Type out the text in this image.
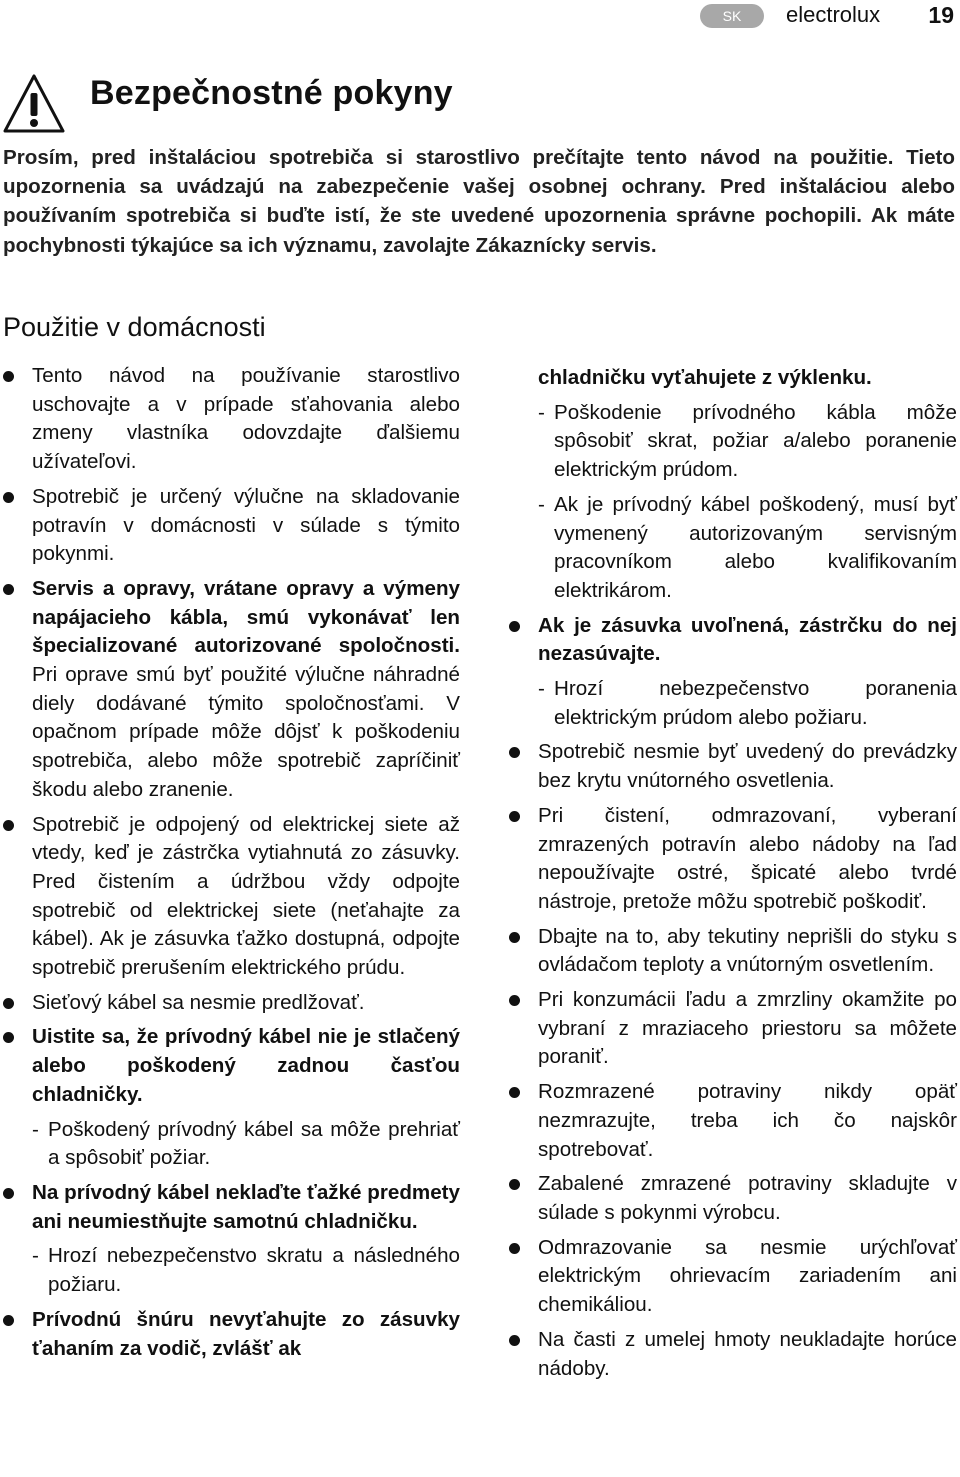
SK	electrolux 19
Bezpečnostné pokyny

Prosím, pred inštaláciou spotrebiča si starostlivo prečítajte tento návod na použitie. Tieto upozornenia sa uvádzajú na zabezpečenie vašej osobnej ochrany. Pred inštaláciou alebo používaním spotrebiča si buďte istí, že ste uvedené upozornenia správne pochopili. Ak máte pochybnosti týkajúce sa ich významu, zavolajte Zákaznícky servis.

Použitie v domácnosti
Tento návod na používanie starostlivo uschovajte a v prípade sťahovania alebo zmeny vlastníka odovzdajte ďalšiemu užívateľovi.
Spotrebič je určený výlučne na skladovanie potravín v domácnosti v súlade s týmito pokynmi.
Servis a opravy, vrátane opravy a výmeny napájacieho kábla, smú vykonávať len špecializované autorizované spoločnosti. Pri oprave smú byť použité výlučne náhradné diely dodávané týmito spoločnosťami. V opačnom prípade môže dôjsť k poškodeniu spotrebiča, alebo môže spotrebič zapríčiniť škodu alebo zranenie.
Spotrebič je odpojený od elektrickej siete až vtedy, keď je zástrčka vytiahnutá zo zásuvky. Pred čistením a údržbou vždy odpojte spotrebič od elektrickej siete (neťahajte za kábel). Ak je zásuvka ťažko dostupná, odpojte spotrebič prerušením elektrického prúdu.
Sieťový kábel sa nesmie predlžovať.
Uistite sa, že prívodný kábel nie je stlačený alebo poškodený zadnou časťou chladničky.
- Poškodený prívodný kábel sa môže prehriať a spôsobiť požiar.
Na prívodný kábel neklaďte ťažké predmety ani neumiestňujte samotnú chladničku.
- Hrozí nebezpečenstvo skratu a následného požiaru.
Prívodnú šnúru nevyťahujte zo zásuvky ťahaním za vodič, zvlášť ak
chladničku vyťahujete z výklenku.
- Poškodenie prívodného kábla môže spôsobiť skrat, požiar a/alebo poranenie elektrickým prúdom.
- Ak je prívodný kábel poškodený, musí byť vymenený autorizovaným servisným pracovníkom alebo kvalifikovaním elektrikárom.
Ak je zásuvka uvoľnená, zástrčku do nej nezasúvajte.
- Hrozí nebezpečenstvo poranenia elektrickým prúdom alebo požiaru.
Spotrebič nesmie byť uvedený do prevádzky bez krytu vnútorného osvetlenia.
Pri čistení, odmrazovaní, vyberaní zmrazených potravín alebo nádoby na ľad nepoužívajte ostré, špicaté alebo tvrdé nástroje, pretože môžu spotrebič poškodiť.
Dbajte na to, aby tekutiny neprišli do styku s ovládačom teploty a vnútorným osvetlením.
Pri konzumácii ľadu a zmrzliny okamžite po vybraní z mraziaceho priestoru sa môžete poraniť.
Rozmrazené potraviny nikdy opäť nezmrazujte, treba ich čo najskôr spotrebovať.
Zabalené zmrazené potraviny skladujte v súlade s pokynmi výrobcu.
Odmrazovanie sa nesmie urýchľovať elektrickým ohrievacím zariadením ani chemikáliou.
Na časti z umelej hmoty neukladajte horúce nádoby.
